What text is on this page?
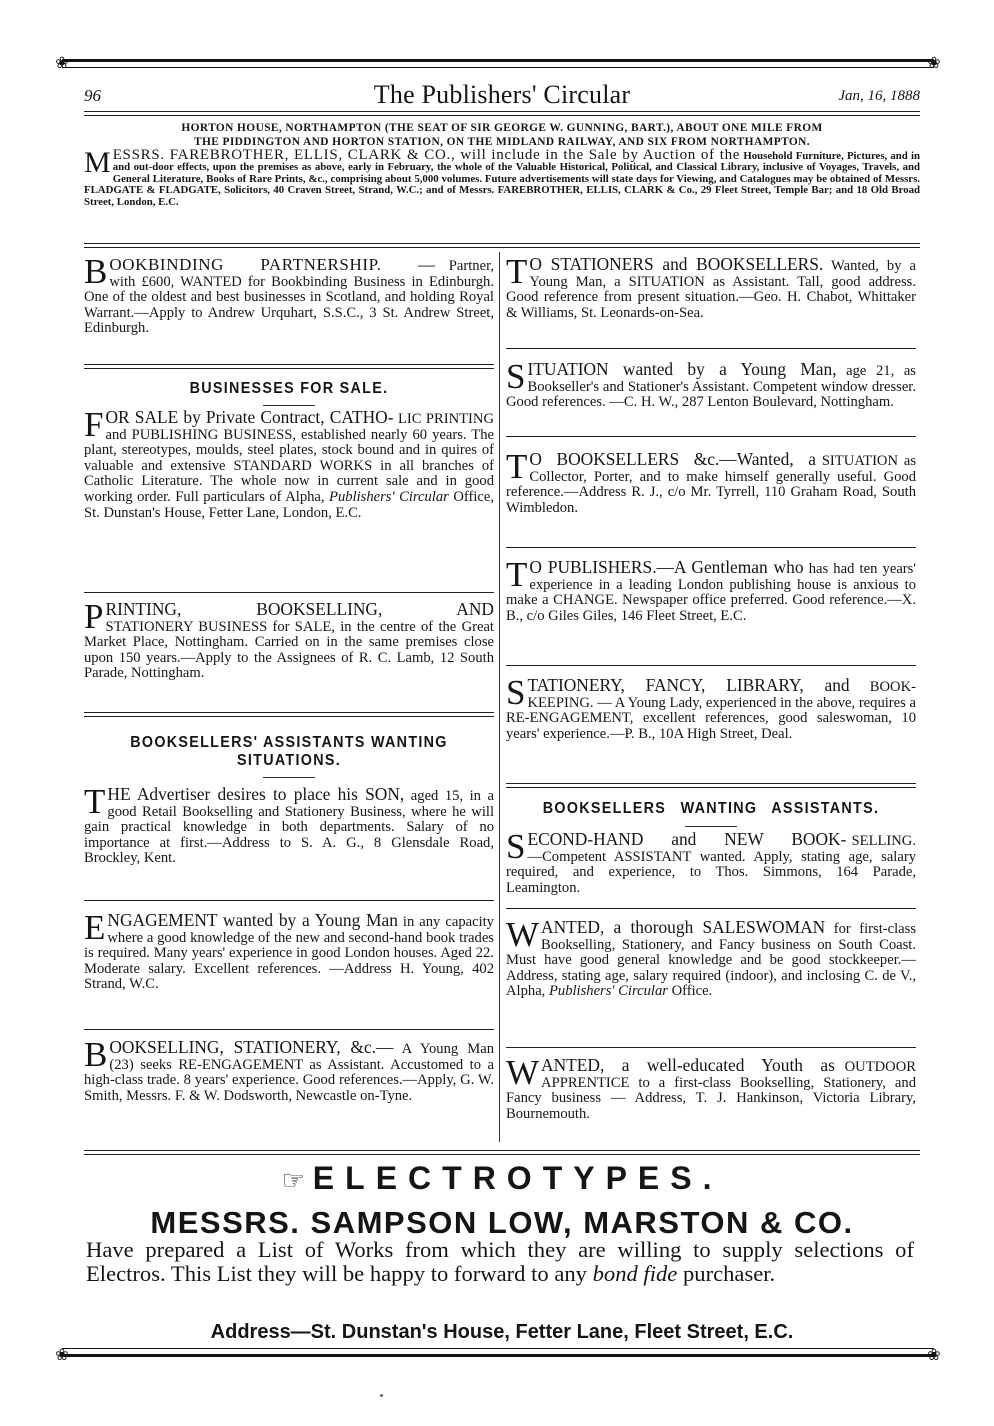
❀	❀
96	The Publishers' Circular	Jan, 16, 1888
HORTON HOUSE, NORTHAMPTON (THE SEAT OF SIR GEORGE W. GUNNING, BART.), ABOUT ONE MILE FROM
THE PIDDINGTON AND HORTON STATION, ON THE MIDLAND RAILWAY, AND SIX FROM NORTHAMPTON.
MESSRS. FAREBROTHER, ELLIS, CLARK & CO., will include in the Sale by Auction of the Household Furniture, Pictures, and in and out-door effects, upon the premises as above, early in February, the whole of the Valuable Historical, Political, and Classical Library, inclusive of Voyages, Travels, and General Literature, Books of Rare Prints, &c., comprising about 5,000 volumes. Future advertisements will state days for Viewing, and Catalogues may be obtained of Messrs. FLADGATE & FLADGATE, Solicitors, 40 Craven Street, Strand, W.C.; and of Messrs. FAREBROTHER, ELLIS, CLARK & Co., 29 Fleet Street, Temple Bar; and 18 Old Broad Street, London, E.C.
B OOKBINDING PARTNERSHIP. — Partner, with £600, WANTED for Bookbinding Business in Edinburgh. One of the oldest and best businesses in Scotland, and holding Royal Warrant.—Apply to Andrew Urquhart, S.S.C., 3 St. Andrew Street, Edinburgh.
BUSINESSES FOR SALE.
F OR SALE by Private Contract, CATHO- LIC PRINTING and PUBLISHING BUSINESS, established nearly 60 years. The plant, stereotypes, moulds, steel plates, stock bound and in quires of valuable and extensive STANDARD WORKS in all branches of Catholic Literature. The whole now in current sale and in good working order. Full particulars of Alpha, Publishers' Circular Office, St. Dunstan's House, Fetter Lane, London, E.C.
P RINTING, BOOKSELLING, AND STATIONERY BUSINESS for SALE, in the centre of the Great Market Place, Nottingham. Carried on in the same premises close upon 150 years.—Apply to the Assignees of R. C. Lamb, 12 South Parade, Nottingham.
BOOKSELLERS' ASSISTANTS WANTING
SITUATIONS.
T HE Advertiser desires to place his SON, aged 15, in a good Retail Bookselling and Stationery Business, where he will gain practical knowledge in both departments. Salary of no importance at first.—Address to S. A. G., 8 Glensdale Road, Brockley, Kent.
E NGAGEMENT wanted by a Young Man in any capacity where a good knowledge of the new and second-hand book trades is required. Many years' experience in good London houses. Aged 22. Moderate salary. Excellent references. —Address H. Young, 402 Strand, W.C.
B OOKSELLING, STATIONERY, &c.— A Young Man (23) seeks RE-ENGAGEMENT as Assistant. Accustomed to a high-class trade. 8 years' experience. Good references.—Apply, G. W. Smith, Messrs. F. & W. Dodsworth, Newcastle on-Tyne.
T O STATIONERS and BOOKSELLERS. Wanted, by a Young Man, a SITUATION as Assistant. Tall, good address. Good reference from present situation.—Geo. H. Chabot, Whittaker & Williams, St. Leonards-on-Sea.
S ITUATION wanted by a Young Man, age 21, as Bookseller's and Stationer's Assistant. Competent window dresser. Good references. —C. H. W., 287 Lenton Boulevard, Nottingham.
T O BOOKSELLERS &c.—Wanted, a SITUATION as Collector, Porter, and to make himself generally useful. Good reference.—Address R. J., c/o Mr. Tyrrell, 110 Graham Road, South Wimbledon.
T O PUBLISHERS.—A Gentleman who has had ten years' experience in a leading London publishing house is anxious to make a CHANGE. Newspaper office preferred. Good reference.—X. B., c/o Giles Giles, 146 Fleet Street, E.C.
S TATIONERY, FANCY, LIBRARY, and BOOK-KEEPING. — A Young Lady, experienced in the above, requires a RE-ENGAGEMENT, excellent references, good saleswoman, 10 years' experience.—P. B., 10A High Street, Deal.
BOOKSELLERS WANTING ASSISTANTS.
S ECOND-HAND and NEW BOOK- SELLING.—Competent ASSISTANT wanted. Apply, stating age, salary required, and experience, to Thos. Simmons, 164 Parade, Leamington.
W ANTED, a thorough SALESWOMAN for first-class Bookselling, Stationery, and Fancy business on South Coast. Must have good general knowledge and be good stockkeeper.— Address, stating age, salary required (indoor), and inclosing C. de V., Alpha, Publishers' Circular Office.
W ANTED, a well-educated Youth as OUTDOOR APPRENTICE to a first-class Bookselling, Stationery, and Fancy business — Address, T. J. Hankinson, Victoria Library, Bournemouth.
☞ ELECTROTYPES.
MESSRS. SAMPSON LOW, MARSTON & CO.
Have prepared a List of Works from which they are willing to supply selections of Electros. This List they will be happy to forward to any bond fide purchaser.
Address—St. Dunstan's House, Fetter Lane, Fleet Street, E.C.
❀	❀
